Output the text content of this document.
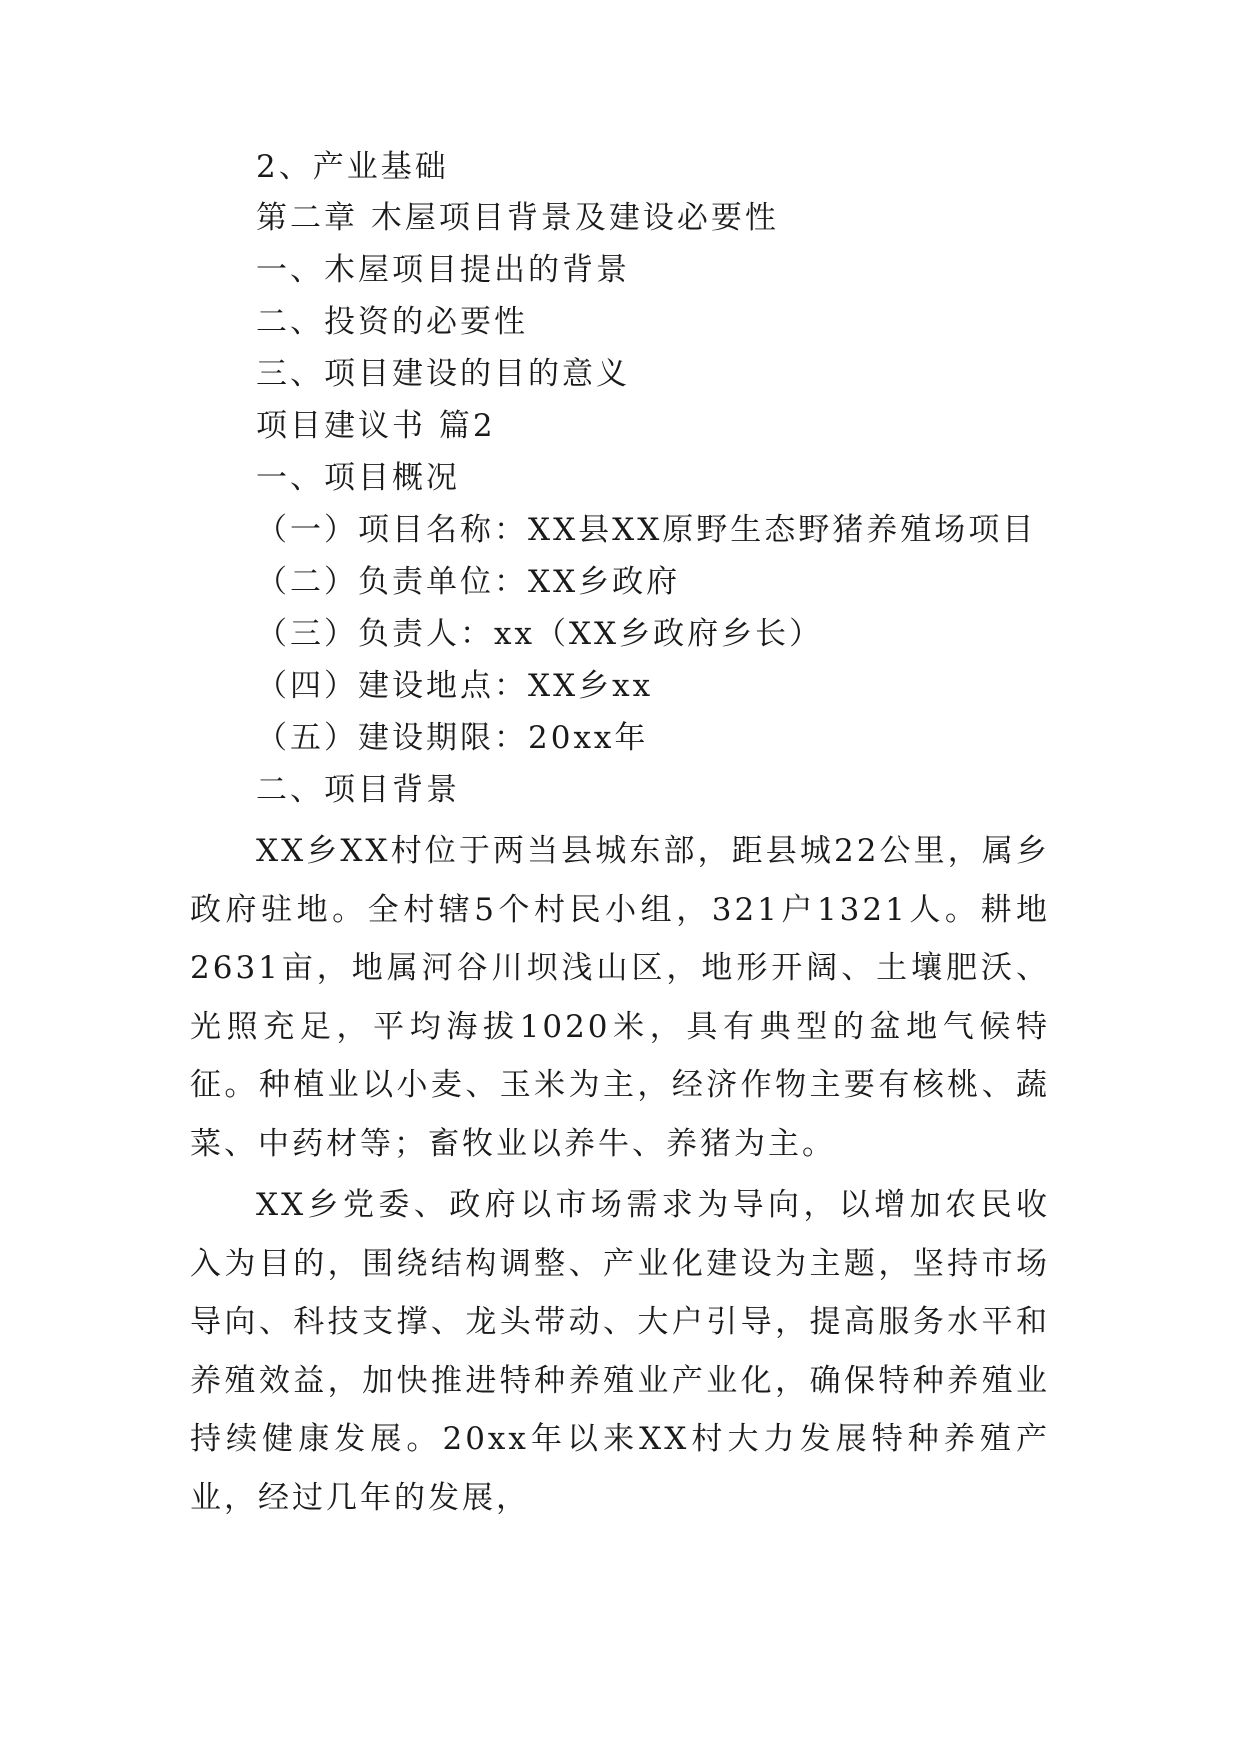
2、产业基础
第二章 木屋项目背景及建设必要性
一、木屋项目提出的背景
二、投资的必要性
三、项目建设的目的意义
项目建议书 篇2
一、项目概况
（一）项目名称：XX县XX原野生态野猪养殖场项目
（二）负责单位：XX乡政府
（三）负责人：xx（XX乡政府乡长）
（四）建设地点：XX乡xx
（五）建设期限：20xx年
二、项目背景

XX乡XX村位于两当县城东部，距县城22公里，属乡政府驻地。全村辖5个村民小组，321户1321人。耕地2631亩，地属河谷川坝浅山区，地形开阔、土壤肥沃、光照充足，平均海拔1020米，具有典型的盆地气候特征。种植业以小麦、玉米为主，经济作物主要有核桃、蔬菜、中药材等；畜牧业以养牛、养猪为主。

XX乡党委、政府以市场需求为导向，以增加农民收入为目的，围绕结构调整、产业化建设为主题，坚持市场导向、科技支撑、龙头带动、大户引导，提高服务水平和养殖效益，加快推进特种养殖业产业化，确保特种养殖业持续健康发展。20xx年以来XX村大力发展特种养殖产业，经过几年的发展，
